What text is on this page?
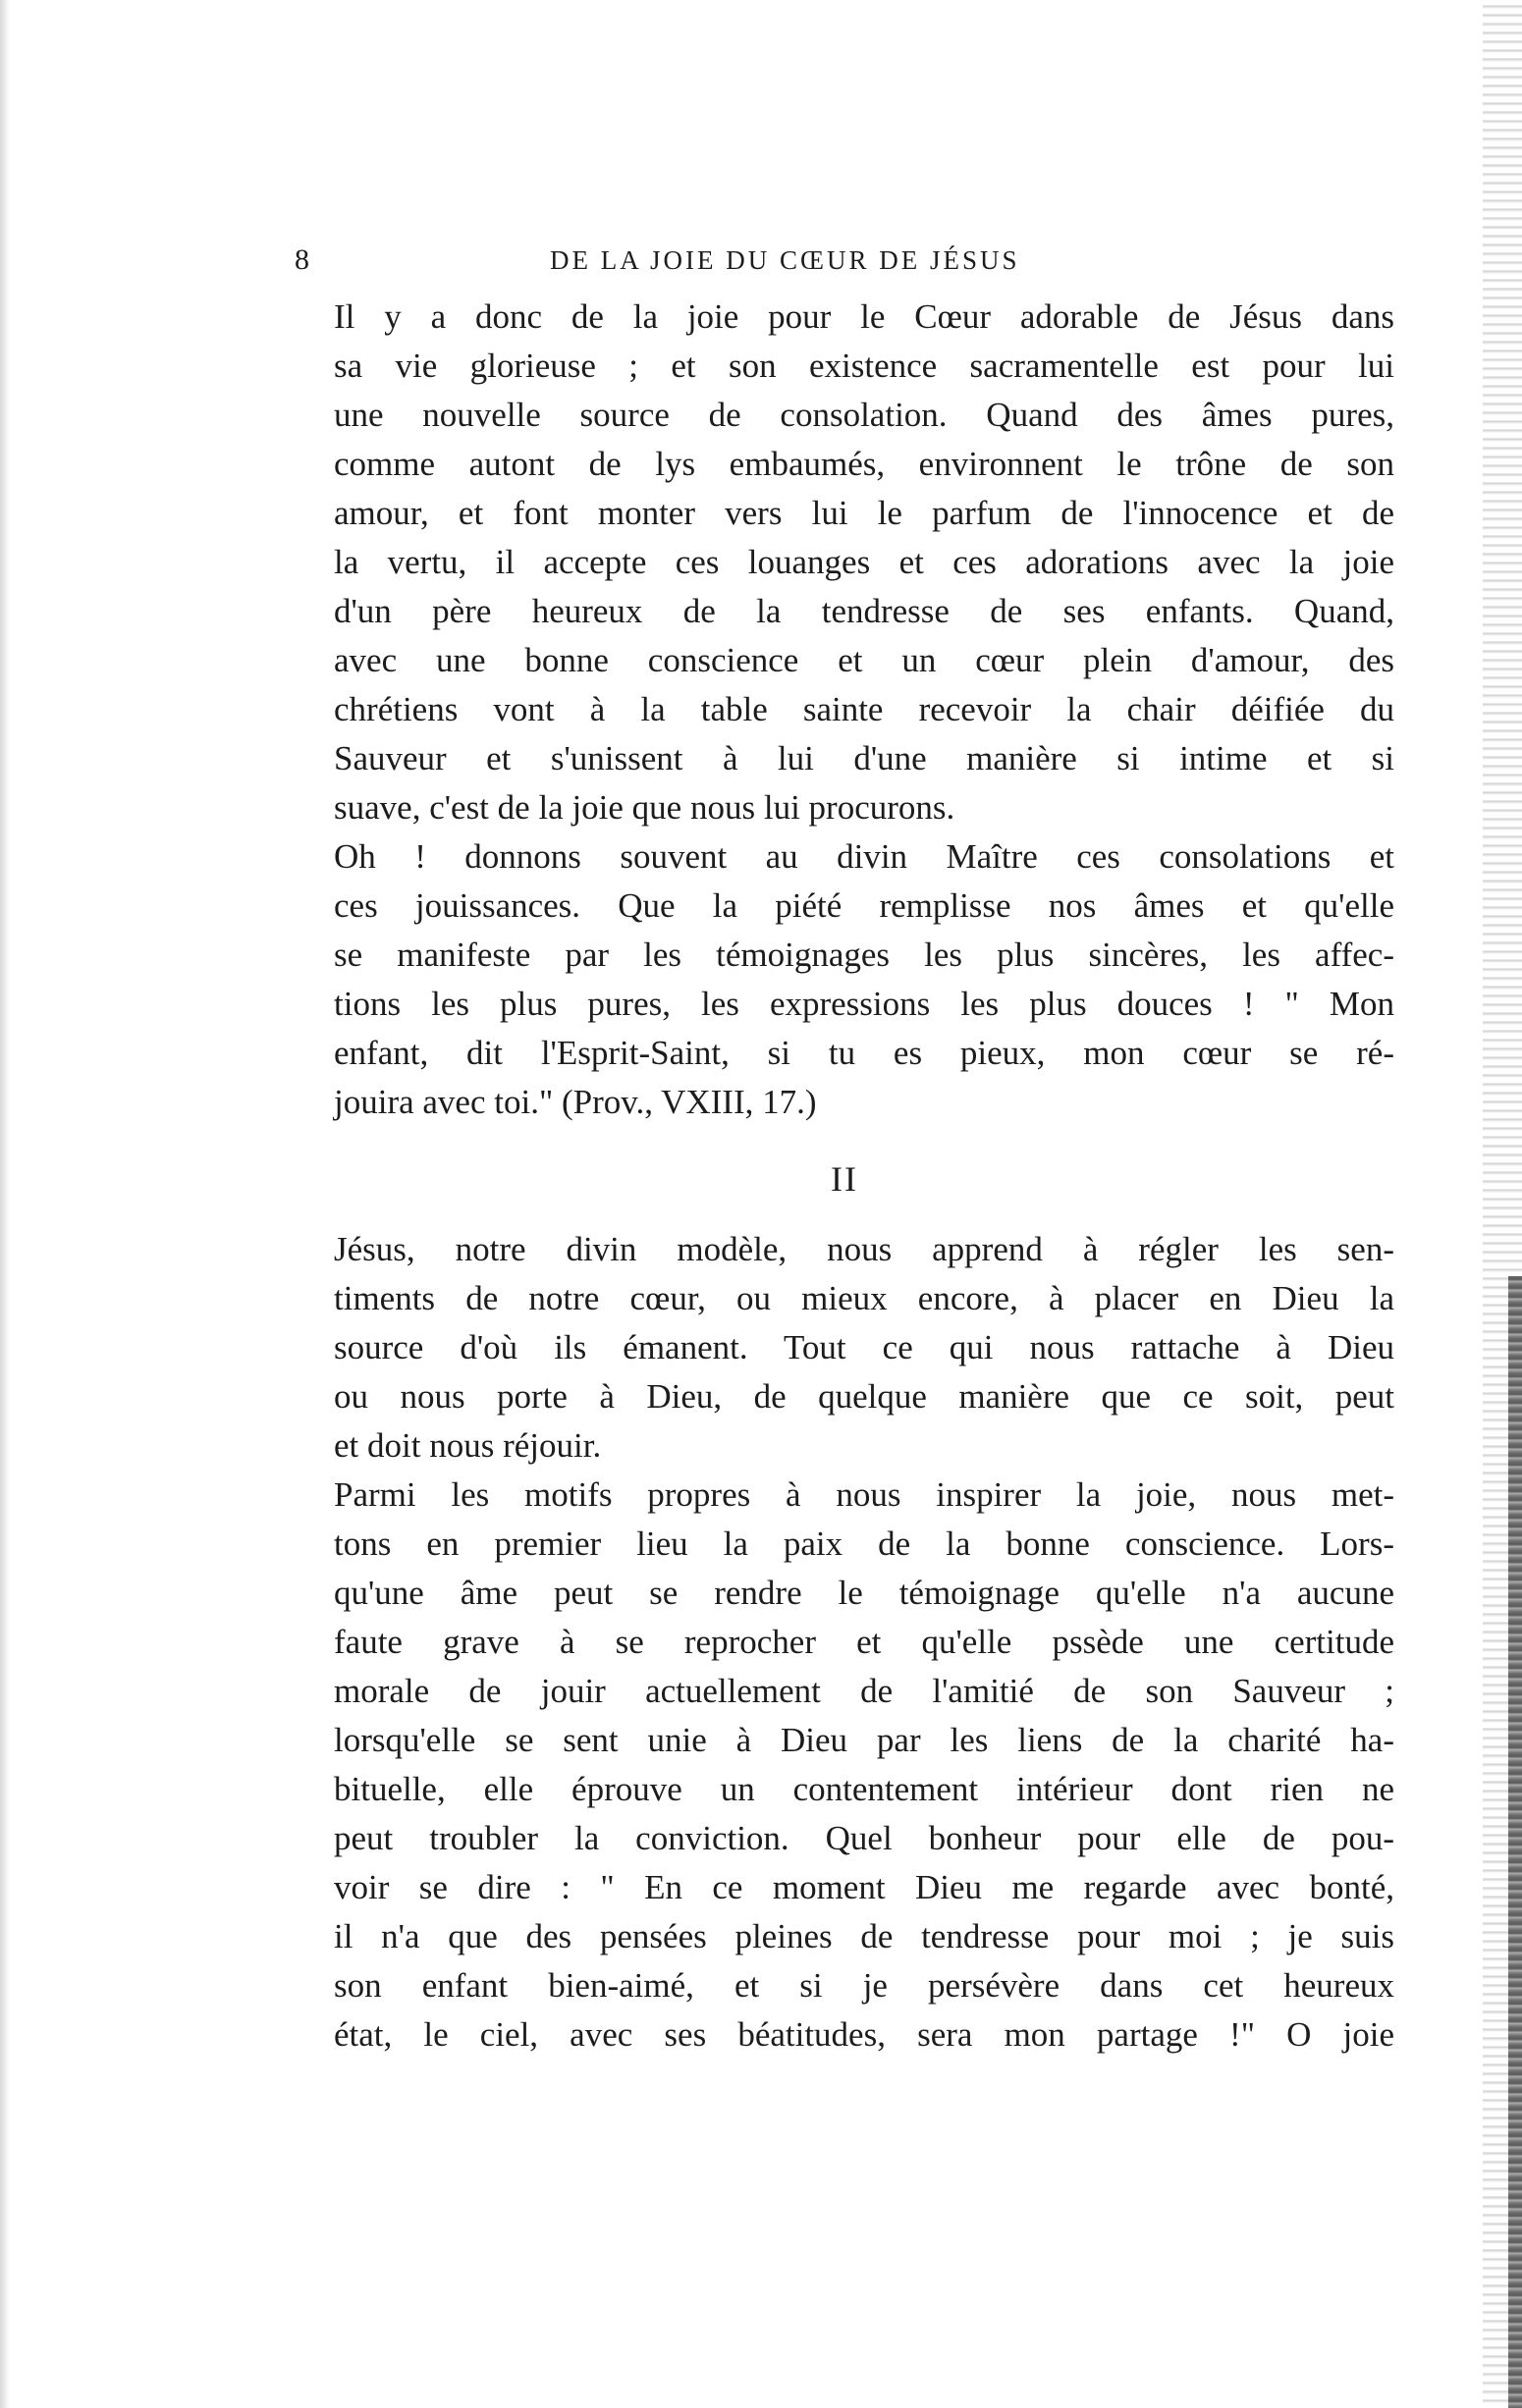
8	DE LA JOIE DU CŒUR DE JÉSUS

Il y a donc de la joie pour le Cœur adorable de Jésus dans
sa vie glorieuse ; et son existence sacramentelle est pour lui
une nouvelle source de consolation. Quand des âmes pures,
comme autont de lys embaumés, environnent le trône de son
amour, et font monter vers lui le parfum de l'innocence et de
la vertu, il accepte ces louanges et ces adorations avec la joie
d'un père heureux de la tendresse de ses enfants. Quand,
avec une bonne conscience et un cœur plein d'amour, des
chrétiens vont à la table sainte recevoir la chair déifiée du
Sauveur et s'unissent à lui d'une manière si intime et si
suave, c'est de la joie que nous lui procurons.

Oh ! donnons souvent au divin Maître ces consolations et
ces jouissances. Que la piété remplisse nos âmes et qu'elle
se manifeste par les témoignages les plus sincères, les affec-
tions les plus pures, les expressions les plus douces ! " Mon
enfant, dit l'Esprit-Saint, si tu es pieux, mon cœur se ré-
jouira avec toi." (Prov., VXIII, 17.)

II

Jésus, notre divin modèle, nous apprend à régler les sen-
timents de notre cœur, ou mieux encore, à placer en Dieu la
source d'où ils émanent. Tout ce qui nous rattache à Dieu
ou nous porte à Dieu, de quelque manière que ce soit, peut
et doit nous réjouir.

Parmi les motifs propres à nous inspirer la joie, nous met-
tons en premier lieu la paix de la bonne conscience. Lors-
qu'une âme peut se rendre le témoignage qu'elle n'a aucune
faute grave à se reprocher et qu'elle pssède une certitude
morale de jouir actuellement de l'amitié de son Sauveur ;
lorsqu'elle se sent unie à Dieu par les liens de la charité ha-
bituelle, elle éprouve un contentement intérieur dont rien ne
peut troubler la conviction. Quel bonheur pour elle de pou-
voir se dire : " En ce moment Dieu me regarde avec bonté,
il n'a que des pensées pleines de tendresse pour moi ; je suis
son enfant bien-aimé, et si je persévère dans cet heureux
état, le ciel, avec ses béatitudes, sera mon partage !" O joie
